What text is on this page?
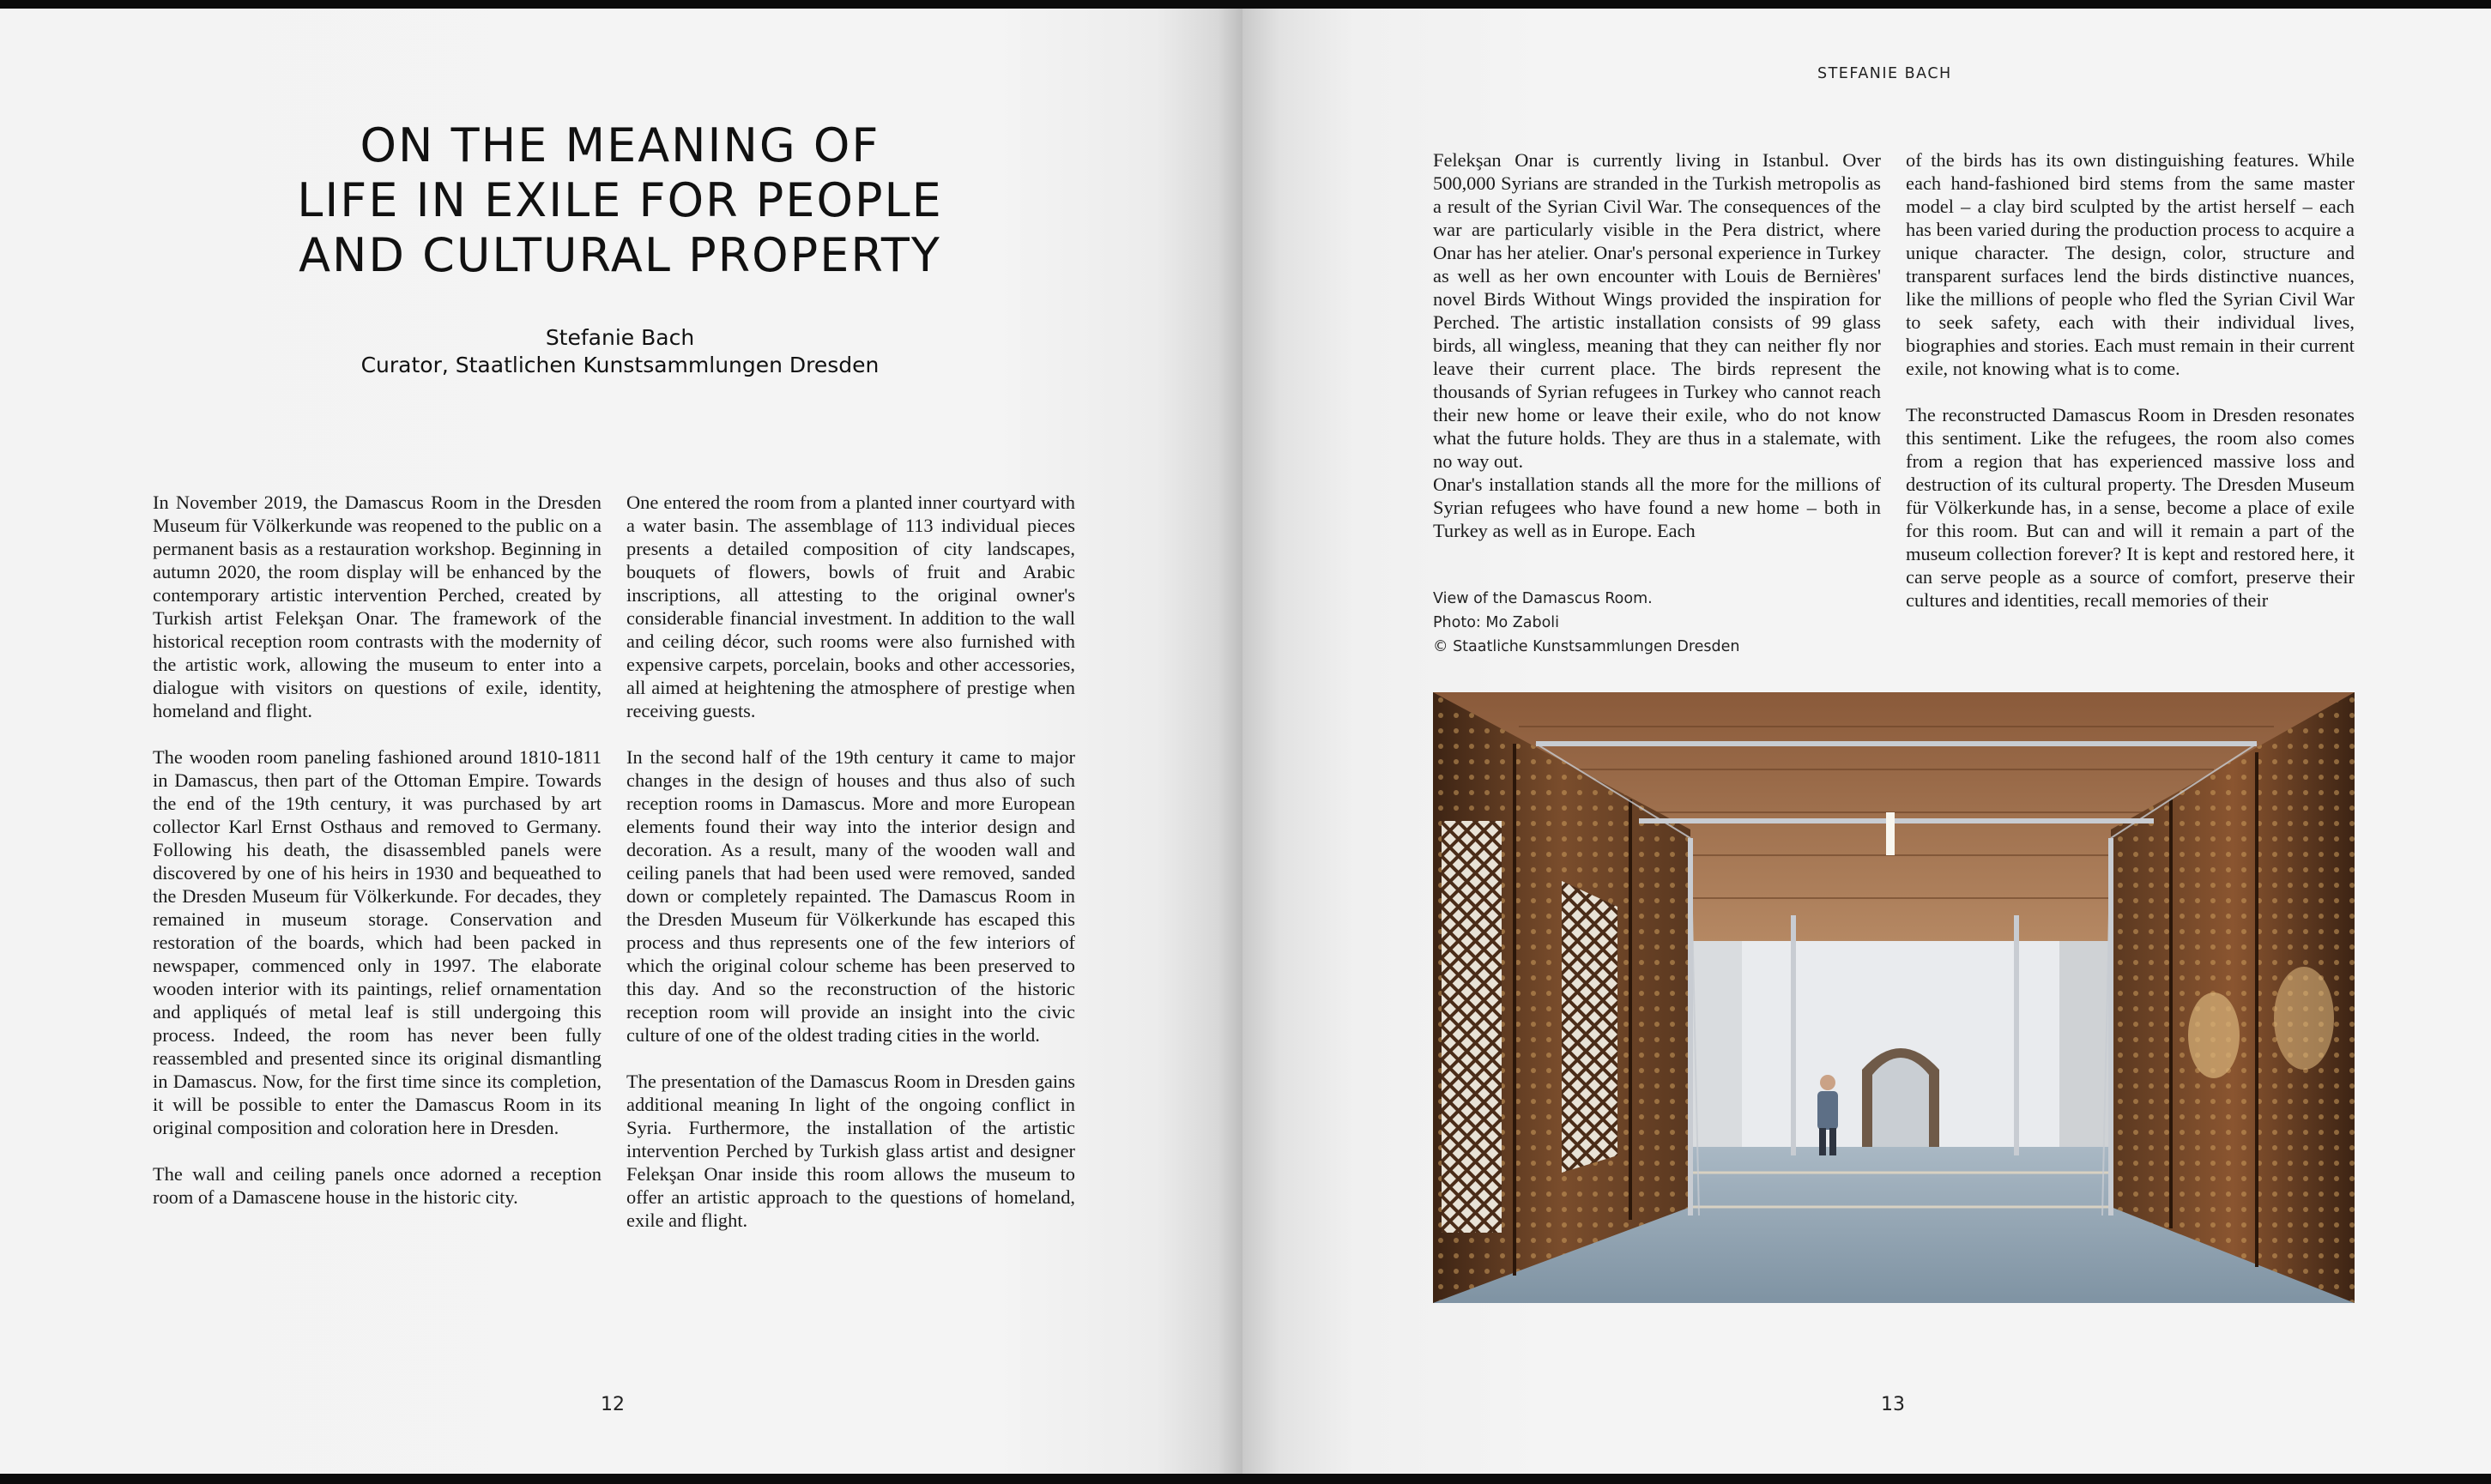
ON THE MEANING OF
LIFE IN EXILE FOR PEOPLE
AND CULTURAL PROPERTY
Stefanie Bach
Curator, Staatlichen Kunstsammlungen Dresden

In November 2019, the Damascus Room in the Dresden Museum für Völkerkunde was reopened to the public on a permanent basis as a restauration workshop. Beginning in autumn 2020, the room display will be enhanced by the contemporary artistic intervention Perched, created by Turkish artist Felekşan Onar. The framework of the historical reception room contrasts with the modernity of the artistic work, allowing the museum to enter into a dialogue with visitors on questions of exile, identity, homeland and flight.

The wooden room paneling fashioned around 1810-1811 in Damascus, then part of the Ottoman Empire. Towards the end of the 19th century, it was purchased by art collector Karl Ernst Osthaus and removed to Germany. Following his death, the disassembled panels were discovered by one of his heirs in 1930 and bequeathed to the Dresden Museum für Völkerkunde. For decades, they remained in museum storage. Conservation and restoration of the boards, which had been packed in newspaper, commenced only in 1997. The elaborate wooden interior with its paintings, relief ornamentation and appliqués of metal leaf is still undergoing this process. Indeed, the room has never been fully reassembled and presented since its original dismantling in Damascus. Now, for the first time since its completion, it will be possible to enter the Damascus Room in its original composition and coloration here in Dresden.

The wall and ceiling panels once adorned a reception room of a Damascene house in the historic city.

One entered the room from a planted inner courtyard with a water basin. The assemblage of 113 individual pieces presents a detailed composition of city landscapes, bouquets of flowers, bowls of fruit and Arabic inscriptions, all attesting to the original owner's considerable financial investment. In addition to the wall and ceiling décor, such rooms were also furnished with expensive carpets, porcelain, books and other accessories, all aimed at heightening the atmosphere of prestige when receiving guests.

In the second half of the 19th century it came to major changes in the design of houses and thus also of such reception rooms in Damascus. More and more European elements found their way into the interior design and decoration. As a result, many of the wooden wall and ceiling panels that had been used were removed, sanded down or completely repainted. The Damascus Room in the Dresden Museum für Völkerkunde has escaped this process and thus represents one of the few interiors of which the original colour scheme has been preserved to this day. And so the reconstruction of the historic reception room will provide an insight into the civic culture of one of the oldest trading cities in the world.

The presentation of the Damascus Room in Dresden gains additional meaning In light of the ongoing conflict in Syria. Furthermore, the installation of the artistic intervention Perched by Turkish glass artist and designer Felekşan Onar inside this room allows the museum to offer an artistic approach to the questions of homeland, exile and flight.

12
STEFANIE BACH

Felekşan Onar is currently living in Istanbul. Over 500,000 Syrians are stranded in the Turkish metropolis as a result of the Syrian Civil War. The consequences of the war are particularly visible in the Pera district, where Onar has her atelier. Onar's personal experience in Turkey as well as her own encounter with Louis de Bernières' novel Birds Without Wings provided the inspiration for Perched. The artistic installation consists of 99 glass birds, all wingless, meaning that they can neither fly nor leave their current place. The birds represent the thousands of Syrian refugees in Turkey who cannot reach their new home or leave their exile, who do not know what the future holds. They are thus in a stalemate, with no way out.

Onar's installation stands all the more for the millions of Syrian refugees who have found a new home – both in Turkey as well as in Europe. Each

of the birds has its own distinguishing features. While each hand-fashioned bird stems from the same master model – a clay bird sculpted by the artist herself – each has been varied during the production process to acquire a unique character. The design, color, structure and transparent surfaces lend the birds distinctive nuances, like the millions of people who fled the Syrian Civil War to seek safety, each with their individual lives, biographies and stories. Each must remain in their current exile, not knowing what is to come.

The reconstructed Damascus Room in Dresden resonates this sentiment. Like the refugees, the room also comes from a region that has experienced massive loss and destruction of its cultural property. The Dresden Museum für Völkerkunde has, in a sense, become a place of exile for this room. But can and will it remain a part of the museum collection forever? It is kept and restored here, it can serve people as a source of comfort, preserve their cultures and identities, recall memories of their

View of the Damascus Room.
Photo: Mo Zaboli
© Staatliche Kunstsammlungen Dresden
13
